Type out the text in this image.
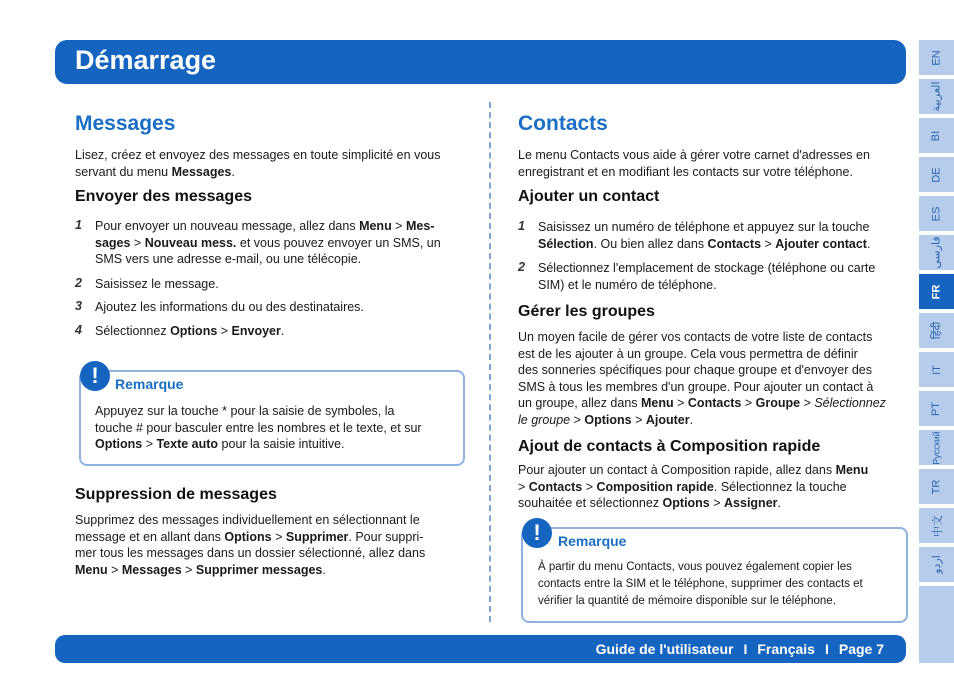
Démarrage
Messages
Lisez, créez et envoyez des messages en toute simplicité en vous
servant du menu Messages.
Envoyer des messages
1 Pour envoyer un nouveau message, allez dans Menu > Mes-
sages > Nouveau mess. et vous pouvez envoyer un SMS, un
SMS vers une adresse e-mail, ou une télécopie.
2 Saisissez le message.
3 Ajoutez les informations du ou des destinataires.
4 Sélectionnez Options > Envoyer.
Remarque
Appuyez sur la touche * pour la saisie de symboles, la
touche # pour basculer entre les nombres et le texte, et sur
Options > Texte auto pour la saisie intuitive.
!
Suppression de messages
Supprimez des messages individuellement en sélectionnant le
message et en allant dans Options > Supprimer. Pour suppri-
mer tous les messages dans un dossier sélectionné, allez dans
Menu > Messages > Supprimer messages.
Contacts
Le menu Contacts vous aide à gérer votre carnet d'adresses en
enregistrant et en modifiant les contacts sur votre téléphone.
Ajouter un contact
1 Saisissez un numéro de téléphone et appuyez sur la touche
Sélection. Ou bien allez dans Contacts > Ajouter contact.
2 Sélectionnez l'emplacement de stockage (téléphone ou carte
SIM) et le numéro de téléphone.
Gérer les groupes
Un moyen facile de gérer vos contacts de votre liste de contacts
est de les ajouter à un groupe. Cela vous permettra de définir
des sonneries spécifiques pour chaque groupe et d'envoyer des
SMS à tous les membres d'un groupe. Pour ajouter un contact à
un groupe, allez dans Menu > Contacts > Groupe > Sélectionnez
le groupe > Options > Ajouter.
Ajout de contacts à Composition rapide
Pour ajouter un contact à Composition rapide, allez dans Menu
> Contacts > Composition rapide. Sélectionnez la touche
souhaitée et sélectionnez Options > Assigner.
Remarque
À partir du menu Contacts, vous pouvez également copier les
contacts entre la SIM et le téléphone, supprimer des contacts et
vérifier la quantité de mémoire disponible sur le téléphone.
!
Guide de l'utilisateur I Français I Page 7
EN
العربية
BI
DE
ES
فارسی
FR
हिंदी
IT
PT
Русский
TR
中文
اردو
